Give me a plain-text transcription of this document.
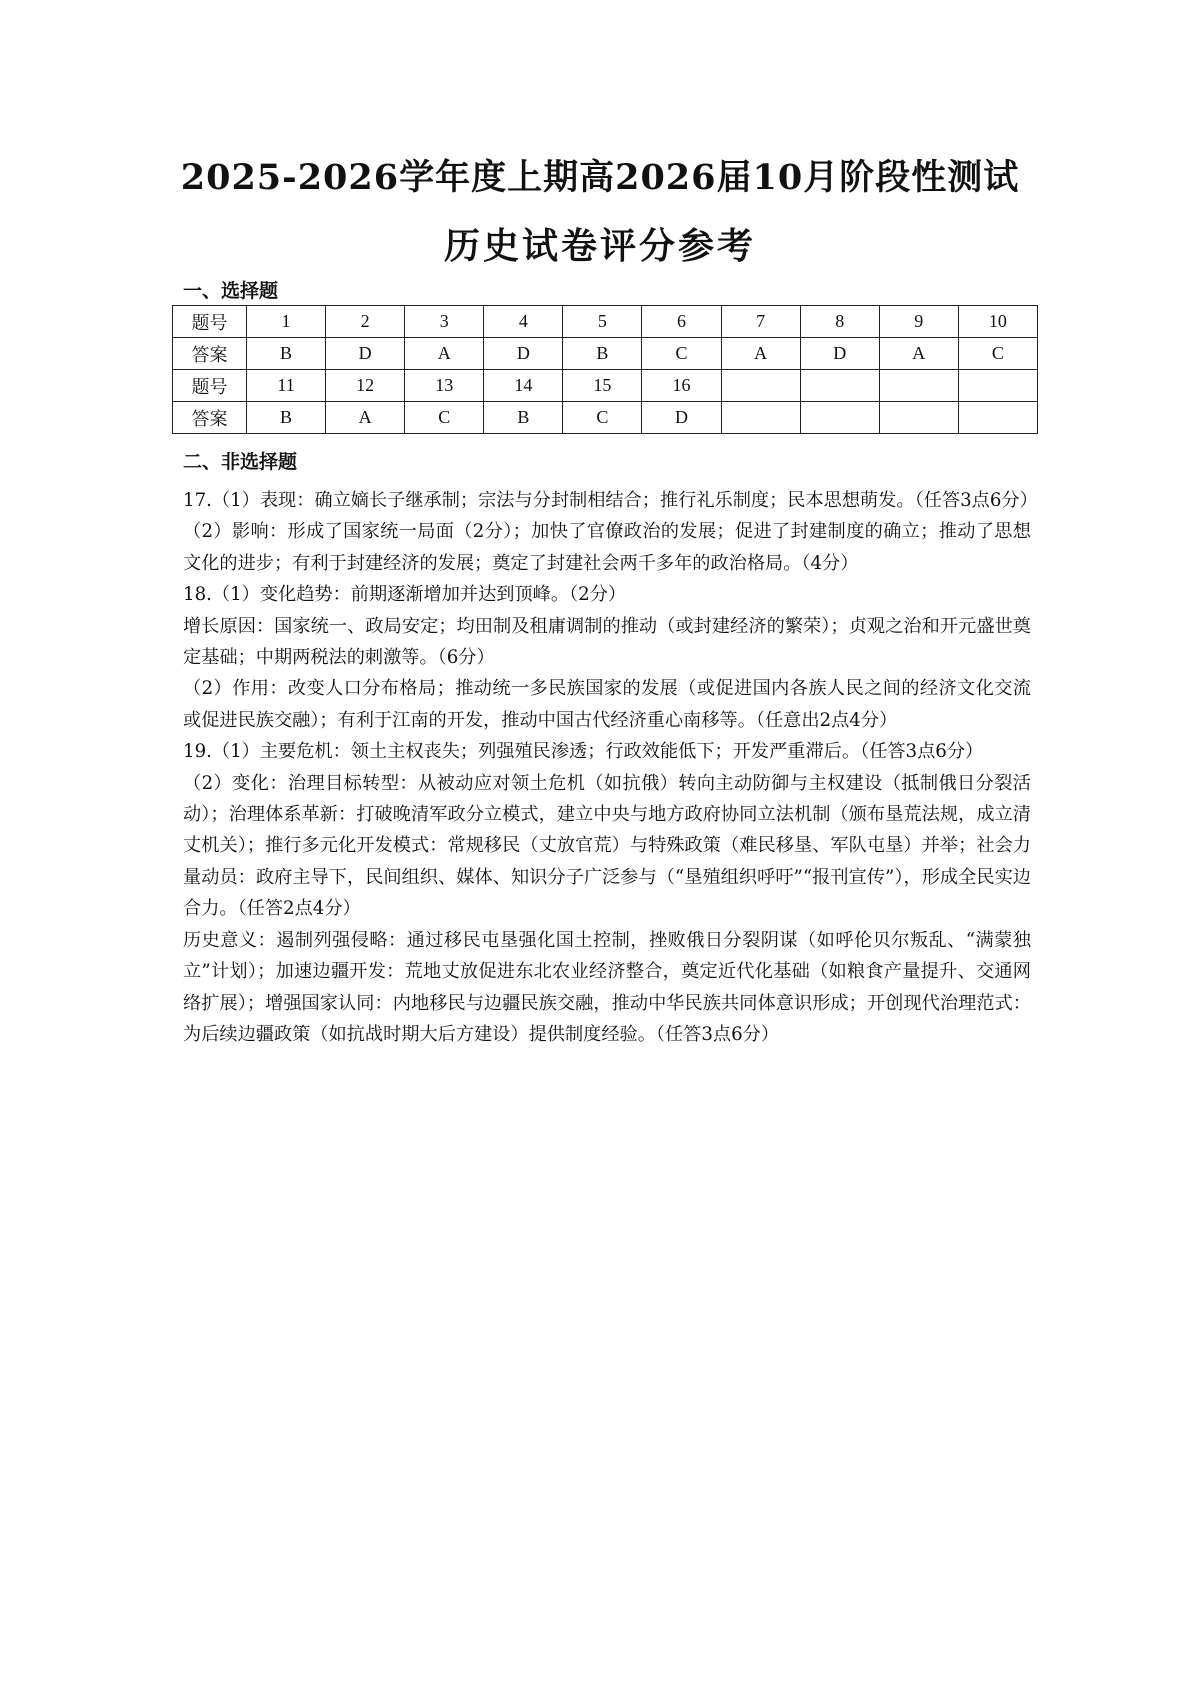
2025-2026学年度上期高2026届10月阶段性测试
历史试卷评分参考
一、选择题
题号	1	2	3	4	5	6	7	8	9	10
答案	B	D	A	D	B	C	A	D	A	C
题号	11	12	13	14	15	16				
答案	B	A	C	B	C	D				
二、非选择题

17.（1）表现：确立嫡长子继承制；宗法与分封制相结合；推行礼乐制度；民本思想萌发。（任答3点6分）

（2）影响：形成了国家统一局面（2分）；加快了官僚政治的发展；促进了封建制度的确立；推动了思想文化的进步；有利于封建经济的发展；奠定了封建社会两千多年的政治格局。（4分）

18.（1）变化趋势：前期逐渐增加并达到顶峰。（2分）

增长原因：国家统一、政局安定；均田制及租庸调制的推动（或封建经济的繁荣）；贞观之治和开元盛世奠定基础；中期两税法的刺激等。（6分）

（2）作用：改变人口分布格局；推动统一多民族国家的发展（或促进国内各族人民之间的经济文化交流或促进民族交融）；有利于江南的开发，推动中国古代经济重心南移等。（任意出2点4分）

19.（1）主要危机：领土主权丧失；列强殖民渗透；行政效能低下；开发严重滞后。（任答3点6分）

（2）变化：治理目标转型：从被动应对领土危机（如抗俄）转向主动防御与主权建设（抵制俄日分裂活动）；治理体系革新：打破晚清军政分立模式，建立中央与地方政府协同立法机制（颁布垦荒法规，成立清丈机关）；推行多元化开发模式：常规移民（丈放官荒）与特殊政策（难民移垦、军队屯垦）并举；社会力量动员：政府主导下，民间组织、媒体、知识分子广泛参与（“垦殖组织呼吁”“报刊宣传”），形成全民实边合力。（任答2点4分）

历史意义：遏制列强侵略：通过移民屯垦强化国土控制，挫败俄日分裂阴谋（如呼伦贝尔叛乱、“满蒙独立”计划）；加速边疆开发：荒地丈放促进东北农业经济整合，奠定近代化基础（如粮食产量提升、交通网络扩展）；增强国家认同：内地移民与边疆民族交融，推动中华民族共同体意识形成；开创现代治理范式：为后续边疆政策（如抗战时期大后方建设）提供制度经验。（任答3点6分）
